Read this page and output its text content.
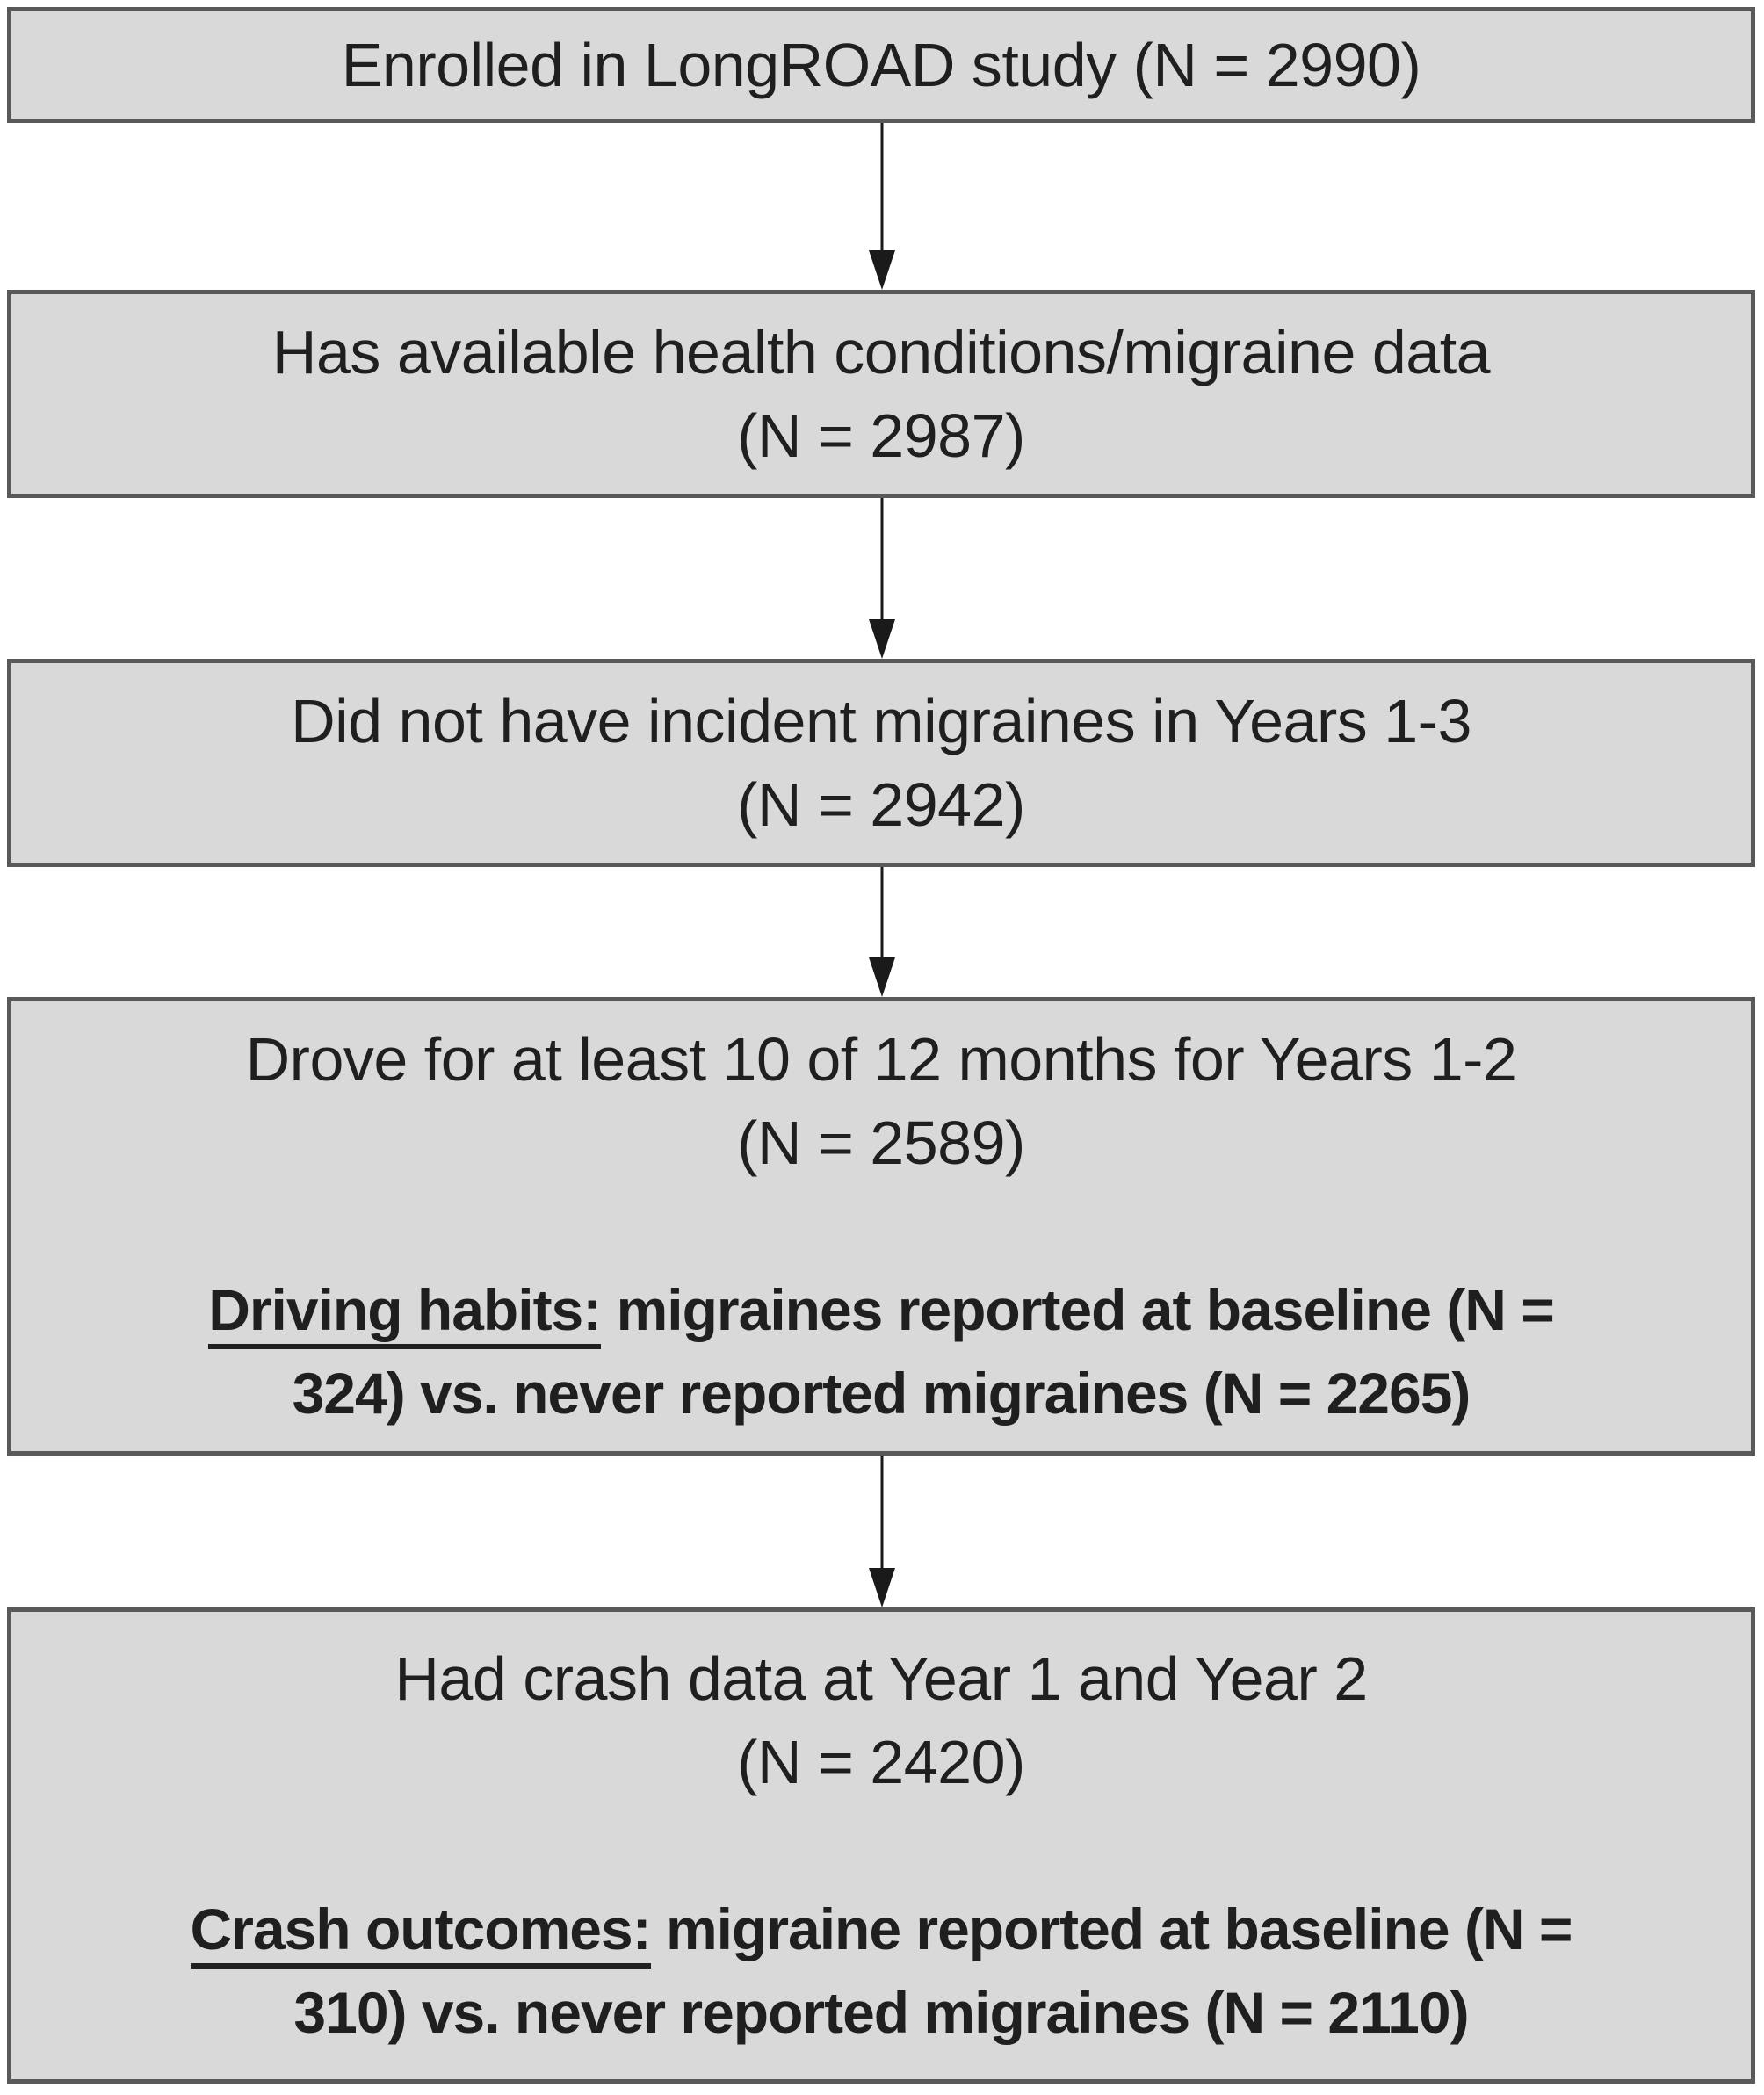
Enrolled in LongROAD study (N = 2990)
Has available health conditions/migraine data
(N = 2987)
Did not have incident migraines in Years 1-3
(N = 2942)
Drove for at least 10 of 12 months for Years 1-2
(N = 2589)
Driving habits: migraines reported at baseline (N =
324) vs. never reported migraines (N = 2265)
Had crash data at Year 1 and Year 2
(N = 2420)
Crash outcomes: migraine reported at baseline (N =
310) vs. never reported migraines (N = 2110)
